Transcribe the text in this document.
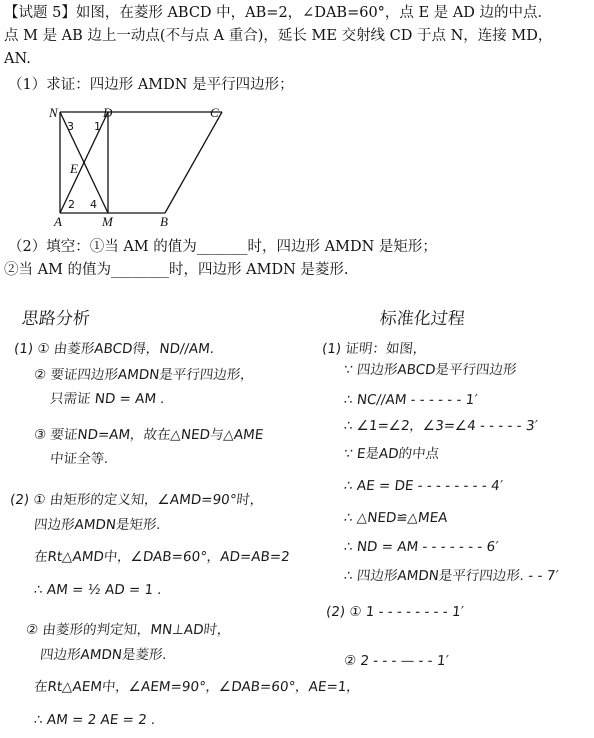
【试题 5】如图，在菱形 ABCD 中，AB=2，∠DAB=60°，点 E 是 AD 边的中点．
点 M 是 AB 边上一动点(不与点 A 重合)，延长 ME 交射线 CD 于点 N，连接 MD，
AN.
（1）求证：四边形 AMDN 是平行四边形；
N	D	C
E
A	M	B
3 1
2 4
（2）填空：①当 AM 的值为_______时，四边形 AMDN 是矩形；
②当 AM 的值为________时，四边形 AMDN 是菱形.
思路分析
(1) ① 由菱形ABCD得，ND//AM.
② 要证四边形AMDN是平行四边形，
只需证 ND = AM .
③ 要证ND=AM，故在△NED与△AME
中证全等.
(2) ① 由矩形的定义知，∠AMD=90°时，
四边形AMDN是矩形.
在Rt△AMD中，∠DAB=60°，AD=AB=2
∴ AM = ½ AD = 1 .
② 由菱形的判定知，MN⊥AD时，
四边形AMDN是菱形.
在Rt△AEM中，∠AEM=90°，∠DAB=60°，AE=1，
∴ AM = 2 AE = 2 .
标准化过程
(1) 证明：如图，
∵ 四边形ABCD是平行四边形
∴ NC//AM - - - - - - 1′
∴ ∠1=∠2，∠3=∠4 - - - - - 3′
∵ E是AD的中点
∴ AE = DE - - - - - - - - 4′
∴ △NED≌△MEA
∴ ND = AM - - - - - - - 6′
∴ 四边形AMDN是平行四边形. - - 7′
(2) ① 1 - - - - - - - - 1′
② 2 - - - — - - 1′
